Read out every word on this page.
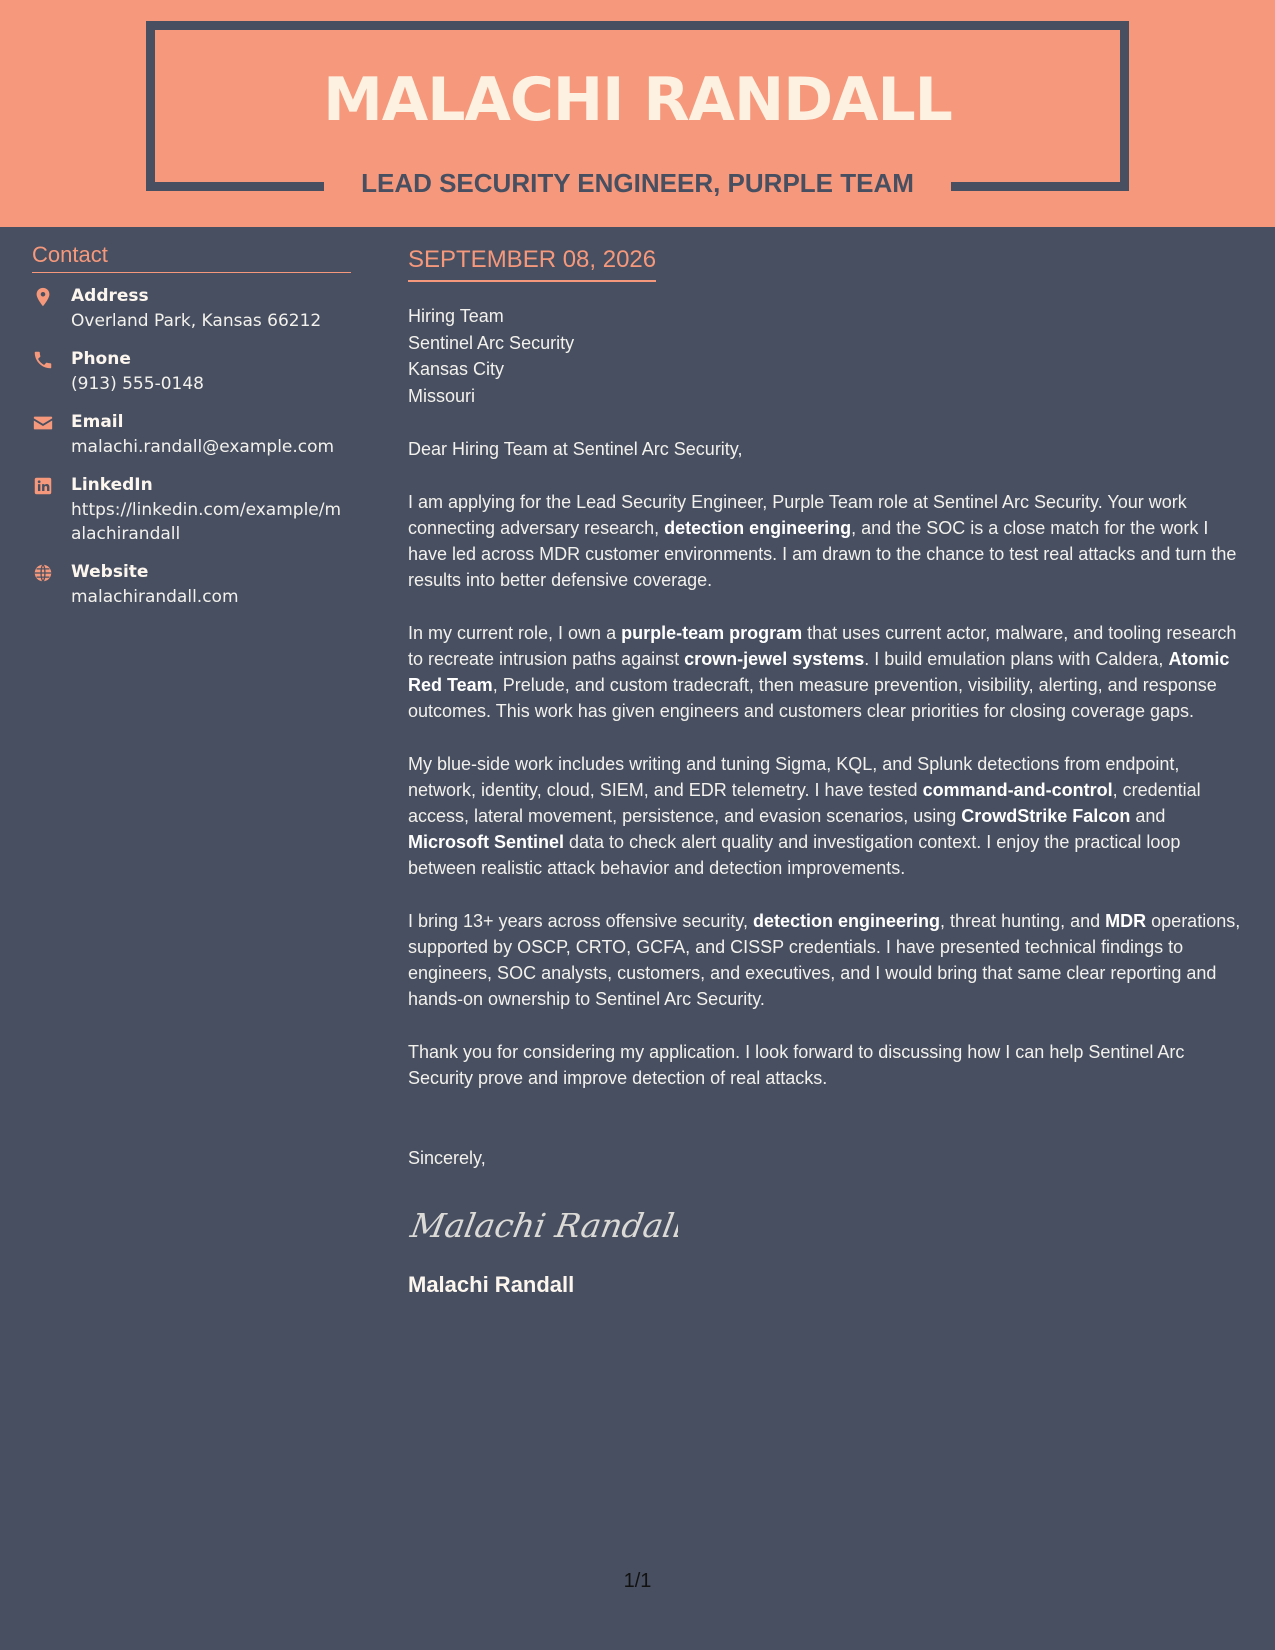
MALACHI RANDALL
LEAD SECURITY ENGINEER, PURPLE TEAM
Contact
Address
Overland Park, Kansas 66212
Phone
(913) 555-0148
Email
malachi.randall@example.com
LinkedIn
https://linkedin.com/example/malachirandall
Website
malachirandall.com
SEPTEMBER 08, 2026
Hiring Team
Sentinel Arc Security
Kansas City
Missouri
Dear Hiring Team at Sentinel Arc Security,

I am applying for the Lead Security Engineer, Purple Team role at Sentinel Arc Security. Your work connecting adversary research, detection engineering, and the SOC is a close match for the work I have led across MDR customer environments. I am drawn to the chance to test real attacks and turn the results into better defensive coverage.

In my current role, I own a purple-team program that uses current actor, malware, and tooling research to recreate intrusion paths against crown-jewel systems. I build emulation plans with Caldera, Atomic Red Team, Prelude, and custom tradecraft, then measure prevention, visibility, alerting, and response outcomes. This work has given engineers and customers clear priorities for closing coverage gaps.

My blue-side work includes writing and tuning Sigma, KQL, and Splunk detections from endpoint, network, identity, cloud, SIEM, and EDR telemetry. I have tested command-and-control, credential access, lateral movement, persistence, and evasion scenarios, using CrowdStrike Falcon and Microsoft Sentinel data to check alert quality and investigation context. I enjoy the practical loop between realistic attack behavior and detection improvements.

I bring 13+ years across offensive security, detection engineering, threat hunting, and MDR operations, supported by OSCP, CRTO, GCFA, and CISSP credentials. I have presented technical findings to engineers, SOC analysts, customers, and executives, and I would bring that same clear reporting and hands-on ownership to Sentinel Arc Security.

Thank you for considering my application. I look forward to discussing how I can help Sentinel Arc Security prove and improve detection of real attacks.

Sincerely,
Malachi Randall
Malachi Randall
1/1
